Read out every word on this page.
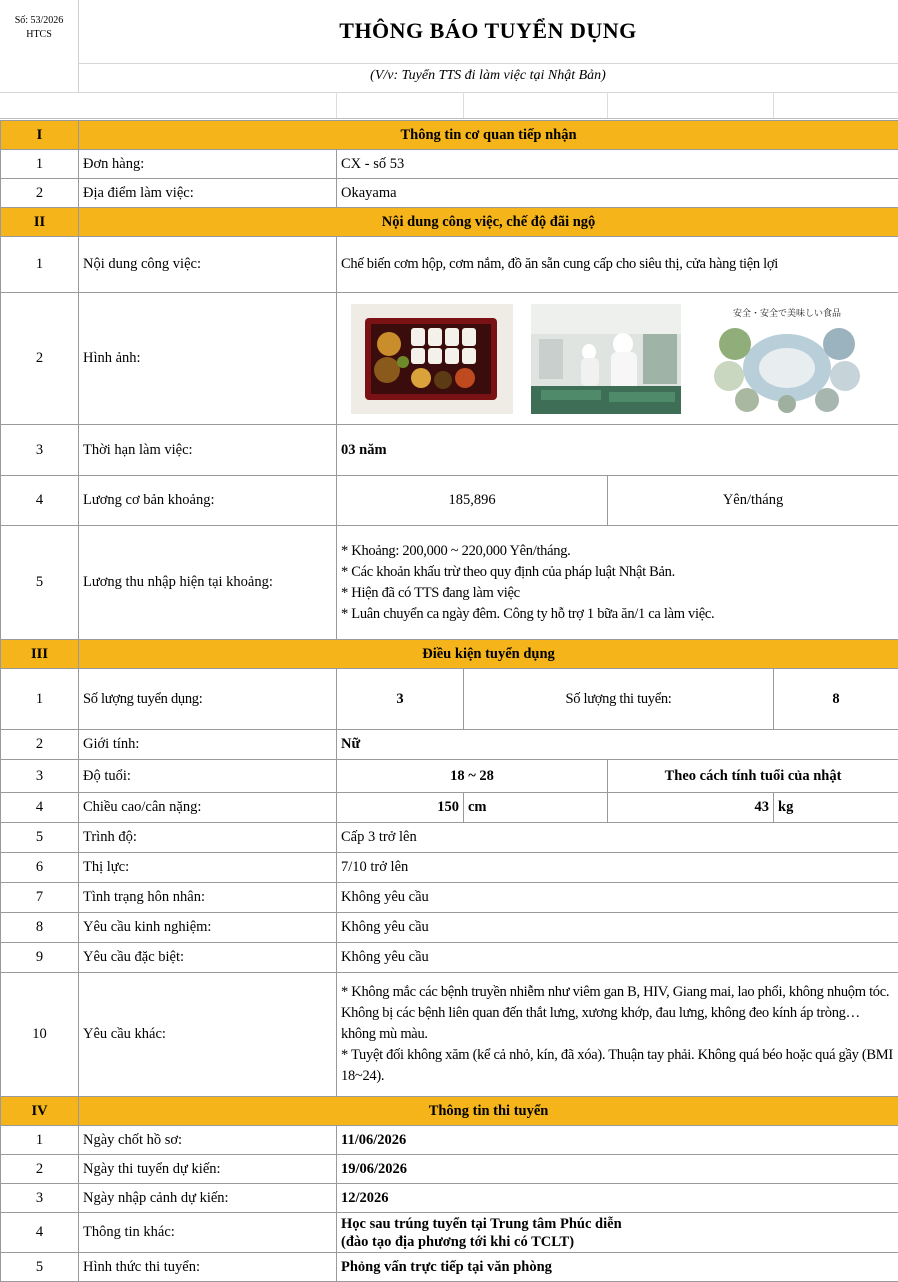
Số: 53/2026
HTCS	THÔNG BÁO TUYỂN DỤNG
(V/v: Tuyển TTS đi làm việc tại Nhật Bản)
I	Thông tin cơ quan tiếp nhận				
1	Đơn hàng:	CX - số 53			
2	Địa điểm làm việc:	Okayama			
II	Nội dung công việc, chế độ đãi ngộ				
1	Nội dung công việc:	Chế biến cơm hộp, cơm nắm, đồ ăn sẵn cung cấp cho siêu thị, cửa hàng tiện lợi			
2	Hình ảnh:	安全・安全で美味しい食品			

3	Thời hạn làm việc:	03 năm			
4	Lương cơ bản khoảng:	185,896		Yên/tháng	
5	Lương thu nhập hiện tại khoảng:	* Khoảng: 200,000 ~ 220,000 Yên/tháng.
* Các khoản khấu trừ theo quy định của pháp luật Nhật Bản.
* Hiện đã có TTS đang làm việc
* Luân chuyển ca ngày đêm. Công ty hỗ trợ 1 bữa ăn/1 ca làm việc.			

III	Điều kiện tuyển dụng				
1	Số lượng tuyển dụng:	3	Số lượng thi tuyển:		8
2	Giới tính:	Nữ			
3	Độ tuổi:	18 ~ 28		Theo cách tính tuổi của nhật	
4	Chiều cao/cân nặng:	150	cm	43	kg
5	Trình độ:	Cấp 3 trở lên			
6	Thị lực:	7/10 trở lên			
7	Tình trạng hôn nhân:	Không yêu cầu			
8	Yêu cầu kinh nghiệm:	Không yêu cầu			
9	Yêu cầu đặc biệt:	Không yêu cầu			
10	Yêu cầu khác:	* Không mắc các bệnh truyền nhiễm như viêm gan B, HIV, Giang mai, lao phổi, không nhuộm tóc. Không bị các bệnh liên quan đến thắt lưng, xương khớp, đau lưng, không đeo kính áp tròng…không mù màu.
* Tuyệt đối không xăm (kể cả nhỏ, kín, đã xóa). Thuận tay phải. Không quá béo hoặc quá gầy (BMI 18~24).			

IV	Thông tin thi tuyển				
1	Ngày chốt hồ sơ:	11/06/2026			
2	Ngày thi tuyển dự kiến:	19/06/2026			
3	Ngày nhập cảnh dự kiến:	12/2026			
4	Thông tin khác:	Học sau trúng tuyển tại Trung tâm Phúc diễn
(đào tạo địa phương tới khi có TCLT)			

5	Hình thức thi tuyển:	Phỏng vấn trực tiếp tại văn phòng			
